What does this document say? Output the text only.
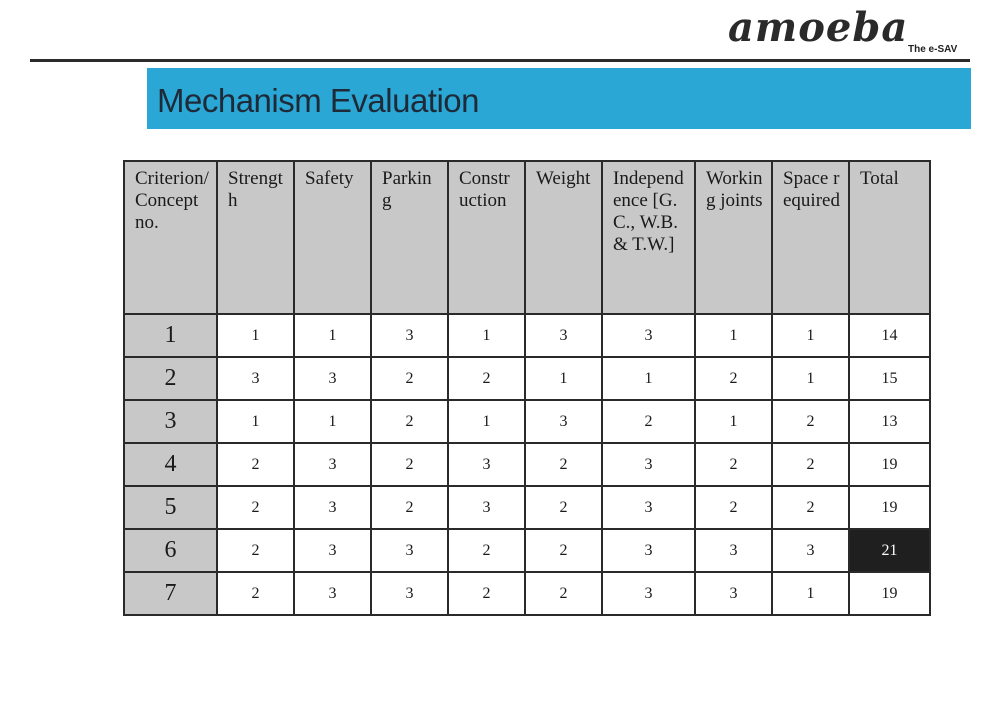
amoeba The e-SAV
Mechanism Evaluation
Criterion/ Concept no.	Strength	Safety	Parking	Construction	Weight	Independence [G.C., W.B. & T.W.]	Working joints	Space required	Total
1	1	1	3	1	3	3	1	1	14
2	3	3	2	2	1	1	2	1	15
3	1	1	2	1	3	2	1	2	13
4	2	3	2	3	2	3	2	2	19
5	2	3	2	3	2	3	2	2	19
6	2	3	3	2	2	3	3	3	21
7	2	3	3	2	2	3	3	1	19
